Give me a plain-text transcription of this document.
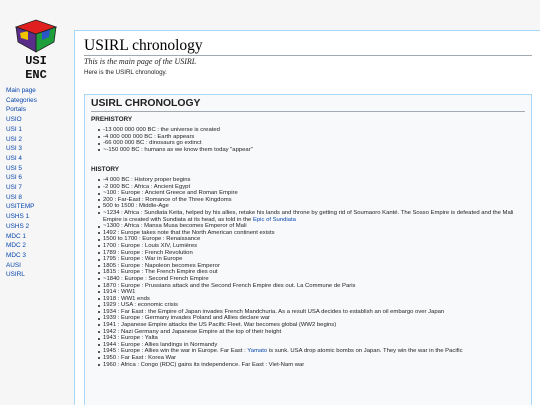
USI
ENC
Main page
Categories
Portals
USIO
USI 1
USI 2
USI 3
USI 4
USI 5
USI 6
USI 7
USI 8
USITEMP
USHS 1
USHS 2
MDC 1
MDC 2
MDC 3
AUSI
USIRL
USIRL chronology
This is the main page of the USIRL
Here is the USIRL chronology.
USIRL CHRONOLOGY
PREHISTORY
-13 000 000 000 BC : the universe is created
-4 000 000 000 BC : Earth appears
-66 000 000 BC : dinosaurs go extinct
~-150 000 BC : humans as we know them today "appear"
HISTORY
-4 000 BC : History proper begins
-2 000 BC : Africa : Ancient Egypt
~100 : Europe : Ancient Greece and Roman Empire
200 : Far-East : Romance of the Three Kingdoms
500 to 1500 : Middle-Age
~1234 : Africa : Sundiata Keita, helped by his allies, retake his lands and throne by getting rid of Soumaoro Kanté. The Sosso Empire is defeated and the Mali Empire is created with Sundiata at its head, as told in the Epic of Sundiata
~1300 : Africa : Mansa Musa becomes Emperor of Mali
1492 : Europe takes note that the North American continent exists
1500 to 1700 : Europe : Renaissance
1700 : Europe : Louis XIV, Lumières
1789 : Europe : French Revolution
1795 : Europe : War in Europe
1805 : Europe : Napoleon becomes Emperor
1815 : Europe : The French Empire dies out
~1840 : Europe : Second French Empire
1870 : Europe : Prussians attack and the Second French Empire dies out. La Commune de Paris
1914 : WW1
1918 : WW1 ends
1929 : USA : economic crisis
1934 : Far East : the Empire of Japan invades French Mandchuria. As a result USA decides to establish an oil embargo over Japan
1939 : Europe : Germany invades Poland and Allies declare war
1941 : Japanese Empire attacks the US Pacific Fleet. War becomes global (WW2 begins)
1942 : Nazi Germany and Japanese Empire at the top of their height
1943 : Europe : Yalta
1944 : Europe : Allies landings in Normandy
1945 : Europe : Allies win the war in Europe. Far East : Yamato is sunk. USA drop atomic bombs on Japan. They win the war in the Pacific
1950 : Far East : Korea War
1960 : Africa : Congo (RDC) gains its independence. Far East : Viet-Nam war
